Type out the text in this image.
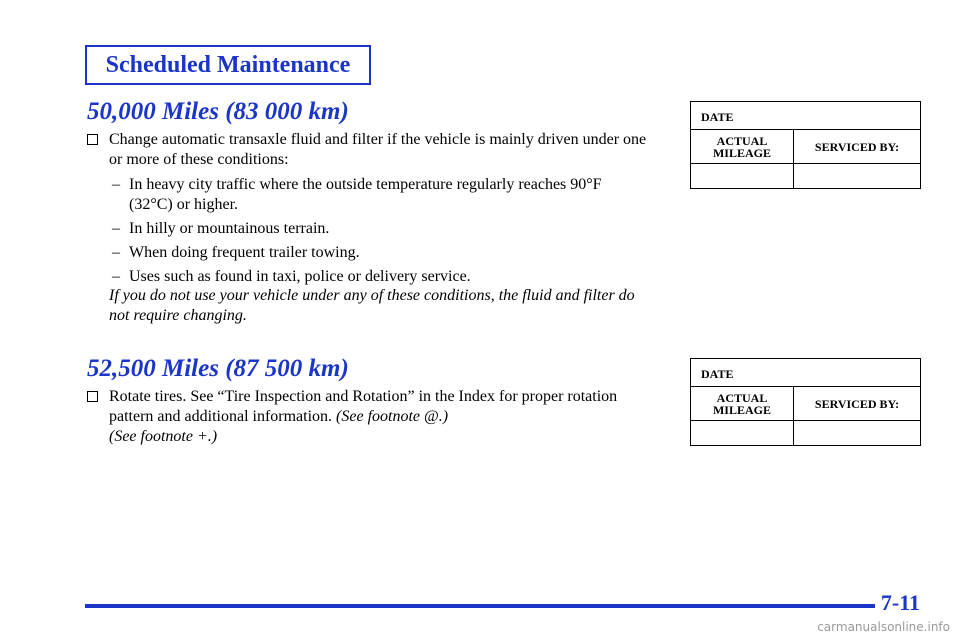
Scheduled Maintenance
50,000 Miles (83 000 km)
Change automatic transaxle fluid and filter if the vehicle is mainly driven under one or more of these conditions:
– In heavy city traffic where the outside temperature regularly reaches 90°F (32°C) or higher.
– In hilly or mountainous terrain.
– When doing frequent trailer towing.
– Uses such as found in taxi, police or delivery service.
If you do not use your vehicle under any of these conditions, the fluid and filter do not require changing.
DATE
ACTUAL MILEAGE	SERVICED BY:
52,500 Miles (87 500 km)
Rotate tires. See “Tire Inspection and Rotation” in the Index for proper rotation pattern and additional information. (See footnote @.)
(See footnote +.)
DATE
ACTUAL MILEAGE	SERVICED BY:
7-11
carmanualsonline.info
